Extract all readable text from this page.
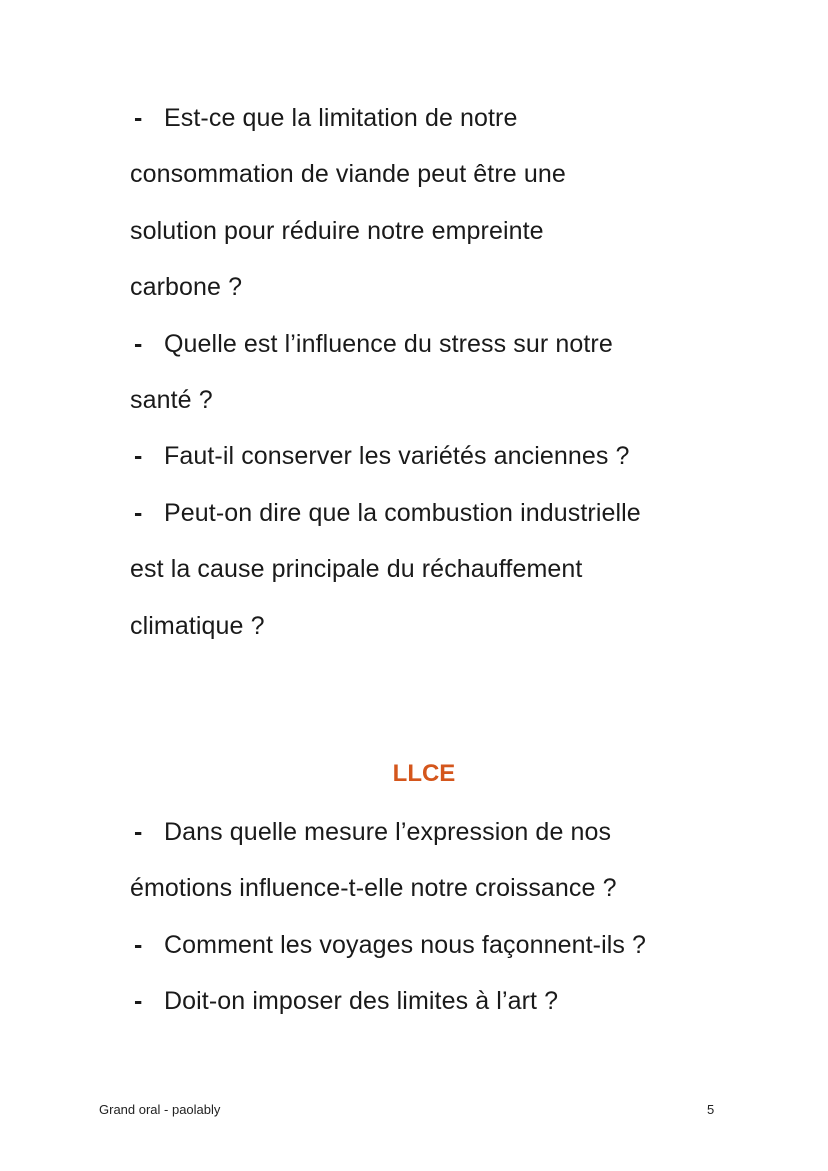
- Est-ce que la limitation de notre
consommation de viande peut être une
solution pour réduire notre empreinte
carbone ?

- Quelle est l’influence du stress sur notre
santé ?

- Faut-il conserver les variétés anciennes ?

- Peut-on dire que la combustion industrielle
est la cause principale du réchauffement
climatique ?

LLCE

- Dans quelle mesure l’expression de nos
émotions influence-t-elle notre croissance ?

- Comment les voyages nous façonnent-ils ?

- Doit-on imposer des limites à l’art ?

Grand oral - paolably	5
